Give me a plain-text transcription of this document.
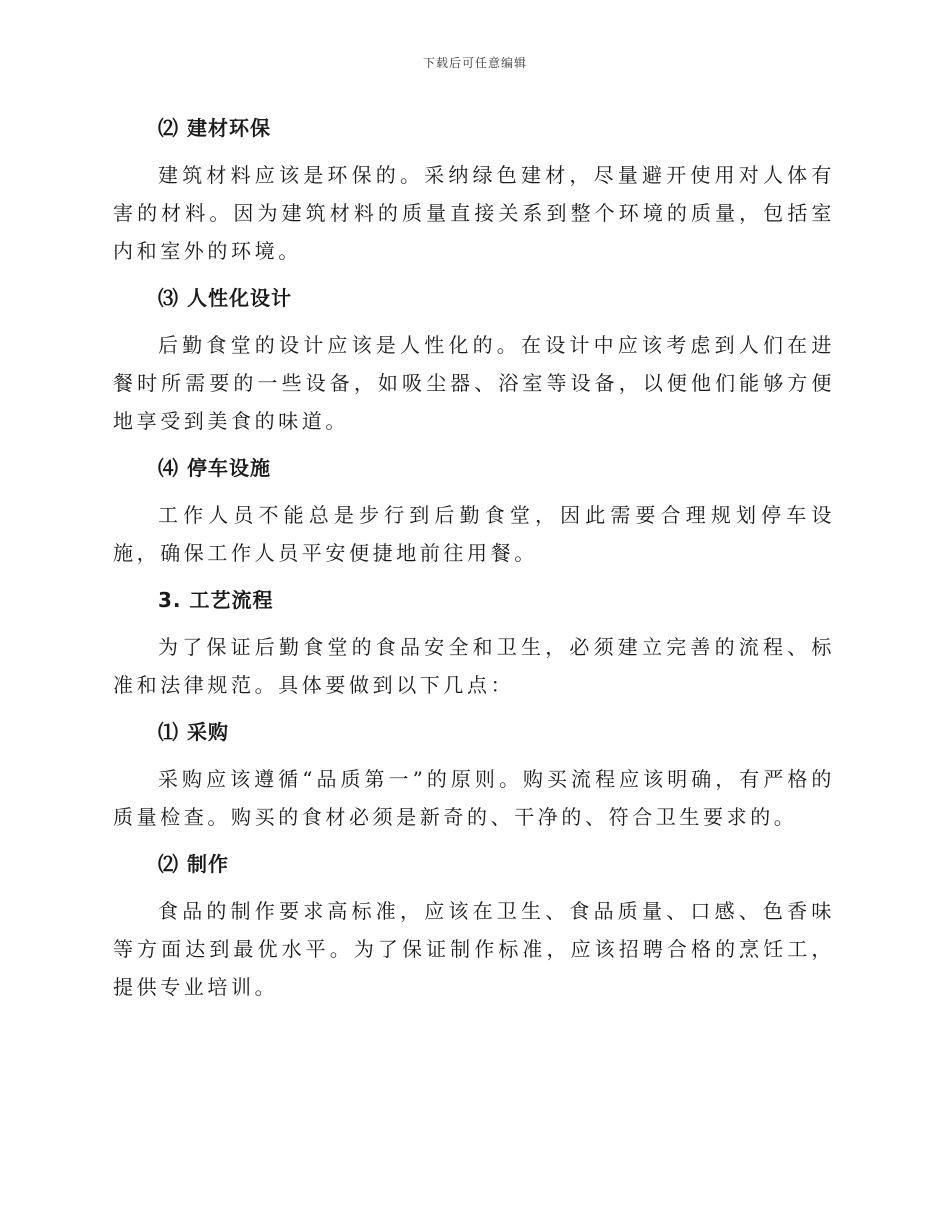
下载后可任意编辑
⑵ 建材环保

建筑材料应该是环保的。采纳绿色建材，尽量避开使用对人体有害的材料。因为建筑材料的质量直接关系到整个环境的质量，包括室内和室外的环境。

⑶ 人性化设计

后勤食堂的设计应该是人性化的。在设计中应该考虑到人们在进餐时所需要的一些设备，如吸尘器、浴室等设备，以便他们能够方便地享受到美食的味道。

⑷ 停车设施

工作人员不能总是步行到后勤食堂，因此需要合理规划停车设施，确保工作人员平安便捷地前往用餐。

3. 工艺流程

为了保证后勤食堂的食品安全和卫生，必须建立完善的流程、标准和法律规范。具体要做到以下几点：

⑴ 采购

采购应该遵循“品质第一”的原则。购买流程应该明确，有严格的质量检查。购买的食材必须是新奇的、干净的、符合卫生要求的。

⑵ 制作

食品的制作要求高标准，应该在卫生、食品质量、口感、色香味等方面达到最优水平。为了保证制作标准，应该招聘合格的烹饪工，提供专业培训。
